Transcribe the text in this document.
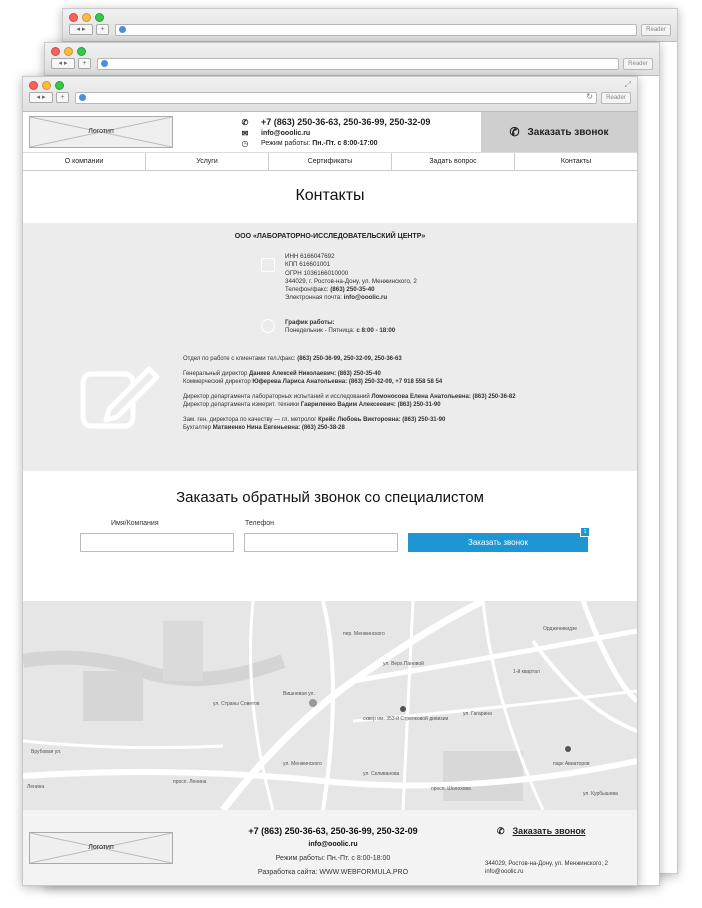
◂ ▸	+	Reader
◂ ▸	+	Reader
⤢
◂ ▸	+	↻	Reader
Логотип
✆ +7 (863) 250-36-63, 250-36-99, 250-32-09
✉	info@ooolic.ru
◷	Режим работы:
Пн.-Пт. с 8:00-17:00
✆ Заказать звонок
О компании	Услуги	Сертификаты	Задать вопрос	Контакты
Контакты
ООО «ЛАБОРАТОРНО-ИССЛЕДОВАТЕЛЬСКИЙ ЦЕНТР»
ИНН 6166047692
КПП 616601001
ОГРН 1036166010000
344029, г. Ростов-на-Дону, ул. Менжинского, 2
Телефон/факс: (863) 250-35-40
Электронная почта: info@ooolic.ru
График работы:
Понедельник - Пятница: с 8:00 - 18:00

Отдел по работе с клиентами тел./факс: (863) 250-36-99, 250-32-09, 250-36-63

Генеральный директор Данкев Алексей Николаевич: (863) 250-35-40
Коммерческий директор Юферева Лариса Анатольевна: (863) 250-32-09, +7 918 558 58 54

Директор департамента лабораторных испытаний и исследований Ломоносова Елена Анатольевна: (863) 250-36-82
Директор департамента измерит. техники Гавриленко Вадим Алексеевич: (863) 250-31-90

Зам. ген. директора по качеству — гл. метролог Крейс Любовь Викторовна: (863) 250-31-90
Бухгалтер Матвиенко Нина Евгеньевна: (863) 250-38-28

Заказать обратный звонок со специалистом
Имя/Компания	Телефон
Заказать звонок
1
пер. Менжинского
ул. Верх.Пановой
Ордженикидзе
1-й квартал
сквер им. 353-й Стрелковой дивизии
Вишневая ул.
Врубовая ул.
просп. Ленина
Ленина	просп. Шолохова
парк Авиаторов
ул. Курбышева
ул. Страны Советов
ул. Менжинского
ул. Селиванова
ул. Гагарина
Логотип
+7 (863) 250-36-63, 250-36-99, 250-32-09
info@ooolic.ru
Режим работы: Пн.-Пт. с 8:00-18:00
Разработка сайта: WWW.WEBFORMULA.PRO
✆ Заказать звонок
344029, Ростов-на-Дону, ул. Менжинского, 2
info@ooolic.ru
